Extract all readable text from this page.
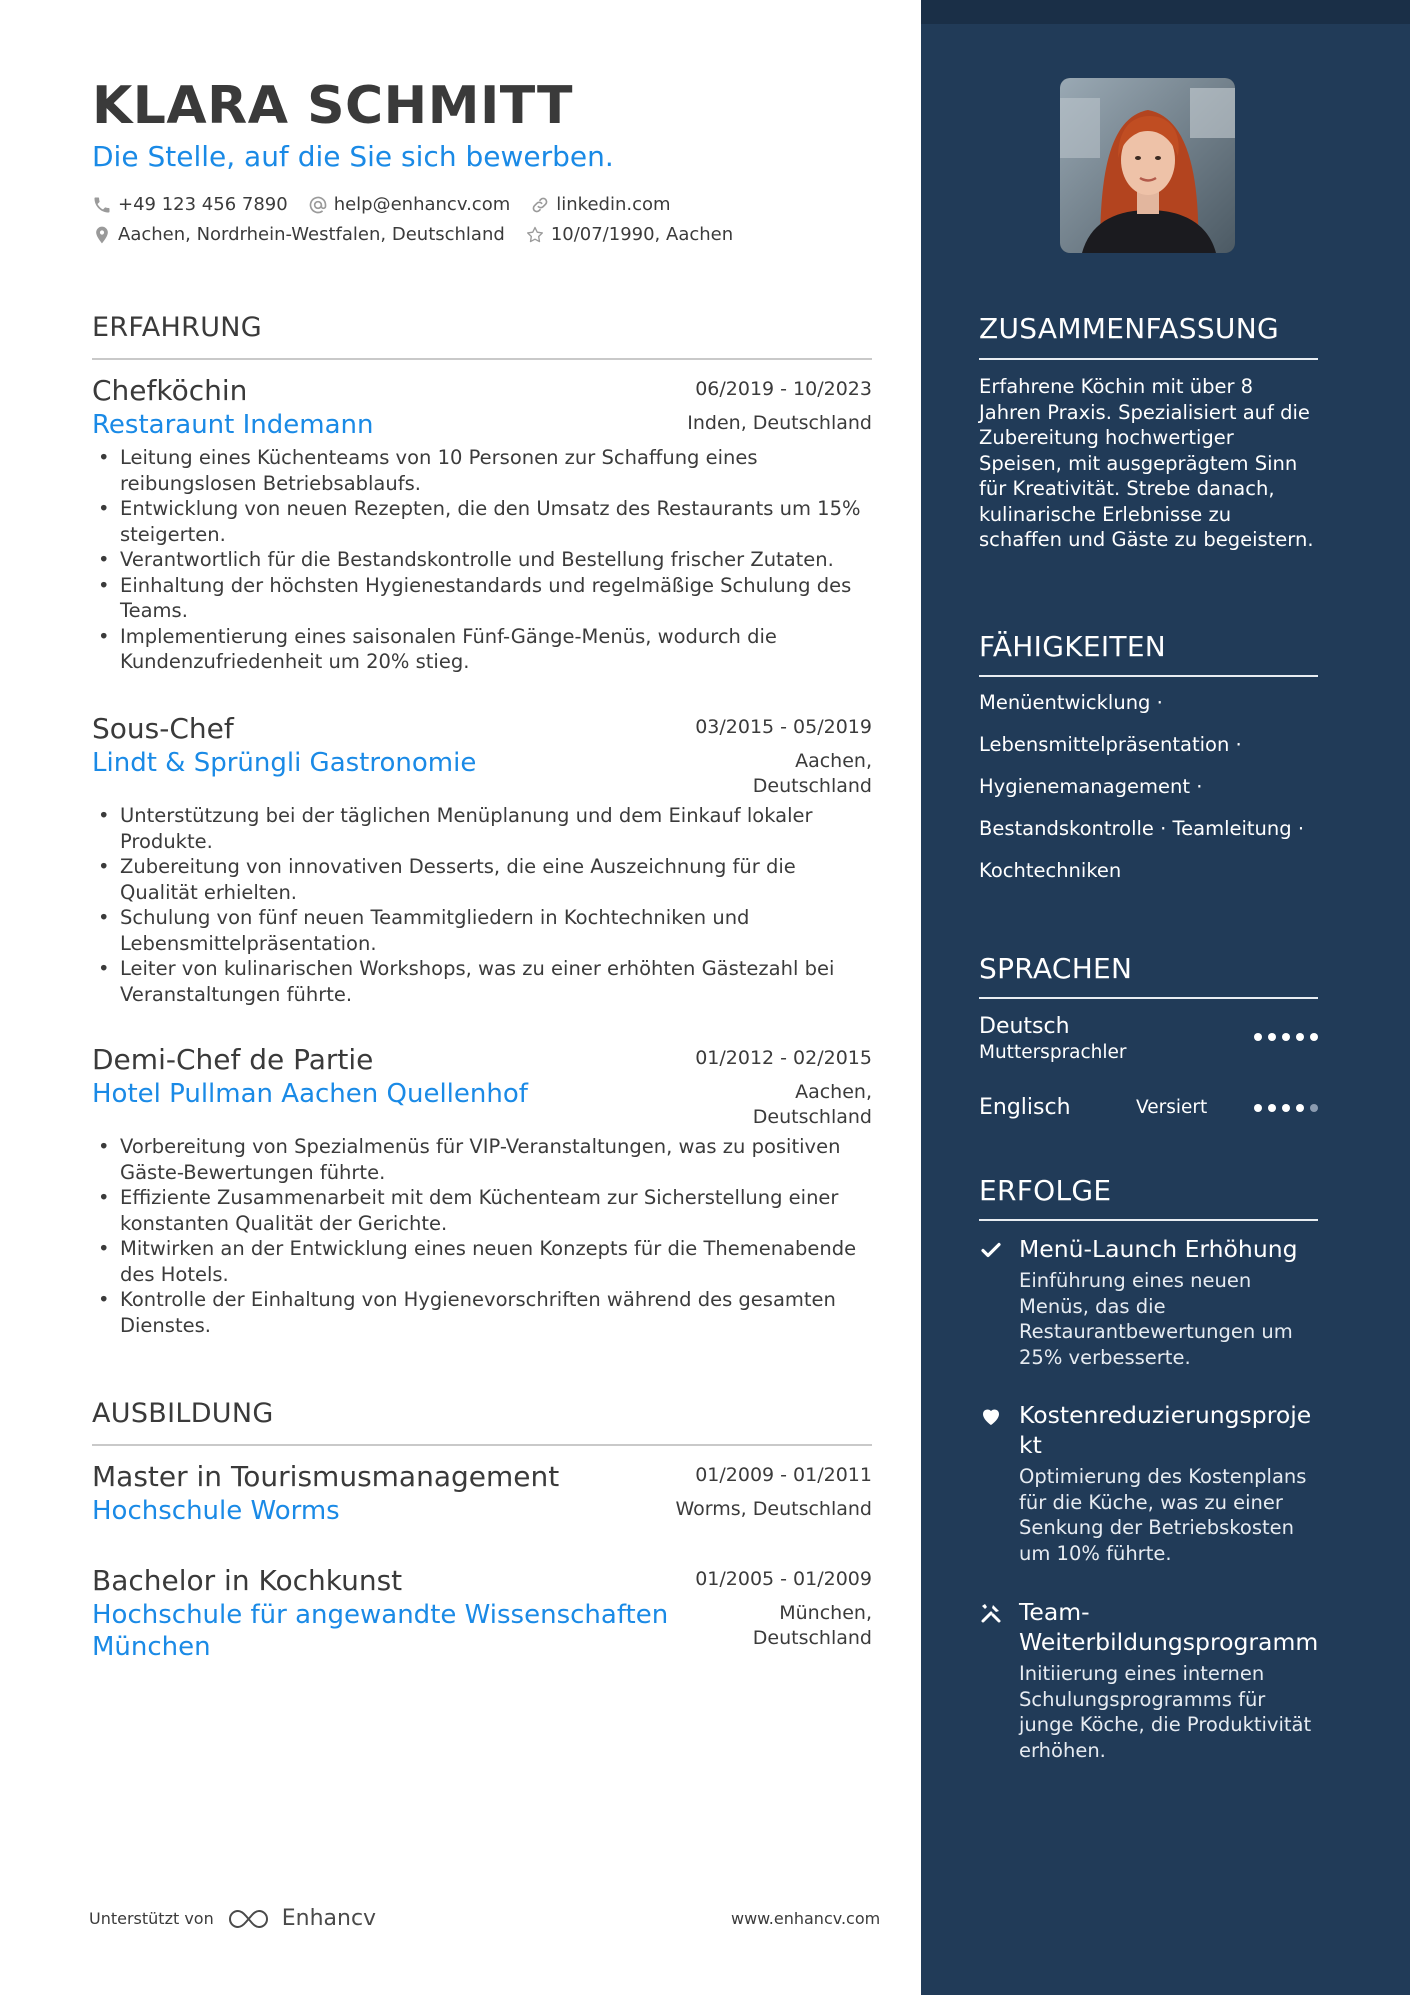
KLARA SCHMITT
Die Stelle, auf die Sie sich bewerben.
+49 123 456 7890	help@enhancv.com	linkedin.com
Aachen, Nordrhein-Westfalen, Deutschland	10/07/1990, Aachen
ERFAHRUNG
Chefköchin	06/2019 - 10/2023
Restaraunt Indemann	Inden, Deutschland
• Leitung eines Küchenteams von 10 Personen zur Schaffung eines reibungslosen Betriebsablaufs.
• Entwicklung von neuen Rezepten, die den Umsatz des Restaurants um 15% steigerten.
• Verantwortlich für die Bestandskontrolle und Bestellung frischer Zutaten.
• Einhaltung der höchsten Hygienestandards und regelmäßige Schulung des Teams.
• Implementierung eines saisonalen Fünf-Gänge-Menüs, wodurch die Kundenzufriedenheit um 20% stieg.
Sous-Chef	03/2015 - 05/2019
Lindt & Sprüngli Gastronomie	Aachen,
Deutschland
• Unterstützung bei der täglichen Menüplanung und dem Einkauf lokaler Produkte.
• Zubereitung von innovativen Desserts, die eine Auszeichnung für die Qualität erhielten.
• Schulung von fünf neuen Teammitgliedern in Kochtechniken und Lebensmittelpräsentation.
• Leiter von kulinarischen Workshops, was zu einer erhöhten Gästezahl bei Veranstaltungen führte.
Demi-Chef de Partie	01/2012 - 02/2015
Hotel Pullman Aachen Quellenhof	Aachen,
Deutschland
• Vorbereitung von Spezialmenüs für VIP-Veranstaltungen, was zu positiven Gäste-Bewertungen führte.
• Effiziente Zusammenarbeit mit dem Küchenteam zur Sicherstellung einer konstanten Qualität der Gerichte.
• Mitwirken an der Entwicklung eines neuen Konzepts für die Themenabende des Hotels.
• Kontrolle der Einhaltung von Hygienevorschriften während des gesamten Dienstes.
AUSBILDUNG
Master in Tourismusmanagement	01/2009 - 01/2011
Hochschule Worms	Worms, Deutschland
Bachelor in Kochkunst	01/2005 - 01/2009
Hochschule für angewandte Wissenschaften
München
München,
Deutschland
Unterstützt von	Enhancv	www.enhancv.com
ZUSAMMENFASSUNG
Erfahrene Köchin mit über 8 Jahren Praxis. Spezialisiert auf die Zubereitung hochwertiger Speisen, mit ausgeprägtem Sinn für Kreativität. Strebe danach, kulinarische Erlebnisse zu schaffen und Gäste zu begeistern.
FÄHIGKEITEN
Menüentwicklung ·
Lebensmittelpräsentation ·
Hygienemanagement ·
Bestandskontrolle · Teamleitung ·
Kochtechniken
SPRACHEN
Deutsch
Muttersprachler
Englisch	Versiert
ERFOLGE
Menü-Launch Erhöhung
Einführung eines neuen Menüs, das die Restaurantbewertungen um 25% verbesserte.
Kostenreduzierungsproje
kt
Optimierung des Kostenplans für die Küche, was zu einer Senkung der Betriebskosten um 10% führte.
Team-
Weiterbildungsprogramm
Initiierung eines internen Schulungsprogramms für junge Köche, die Produktivität erhöhen.
